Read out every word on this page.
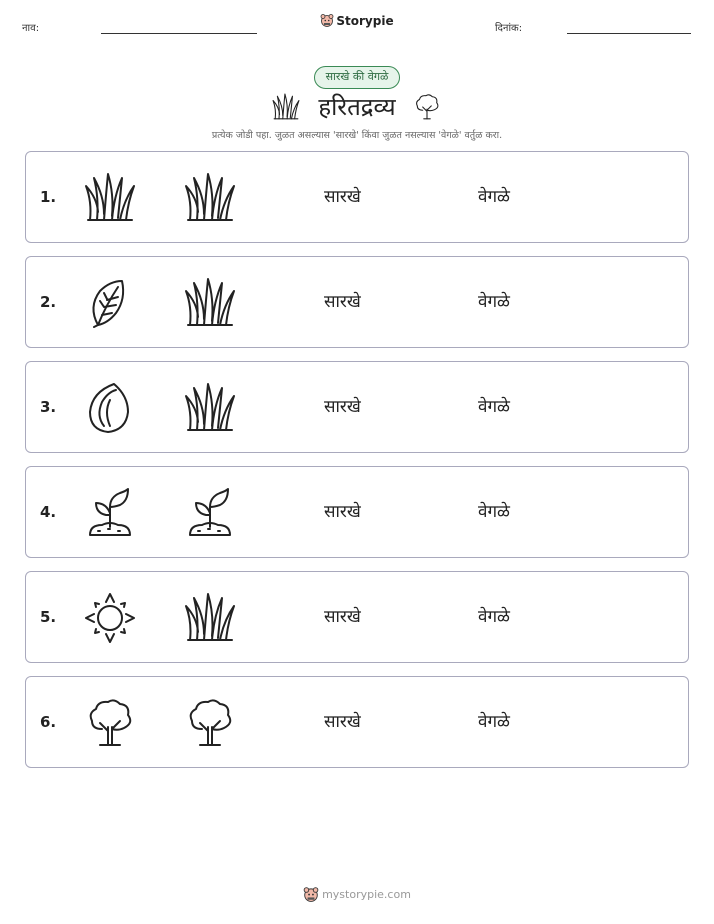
नाव:
Storypie
दिनांक:
सारखे की वेगळे
हरितद्रव्य
प्रत्येक जोडी पहा. जुळत असल्यास 'सारखे' किंवा जुळत नसल्यास 'वेगळे' वर्तुळ करा.
1.	सारखे	वेगळे
2.	सारखे	वेगळे
3.	सारखे	वेगळे
4.	सारखे	वेगळे
5.	सारखे	वेगळे
6.	सारखे	वेगळे
mystorypie.com
